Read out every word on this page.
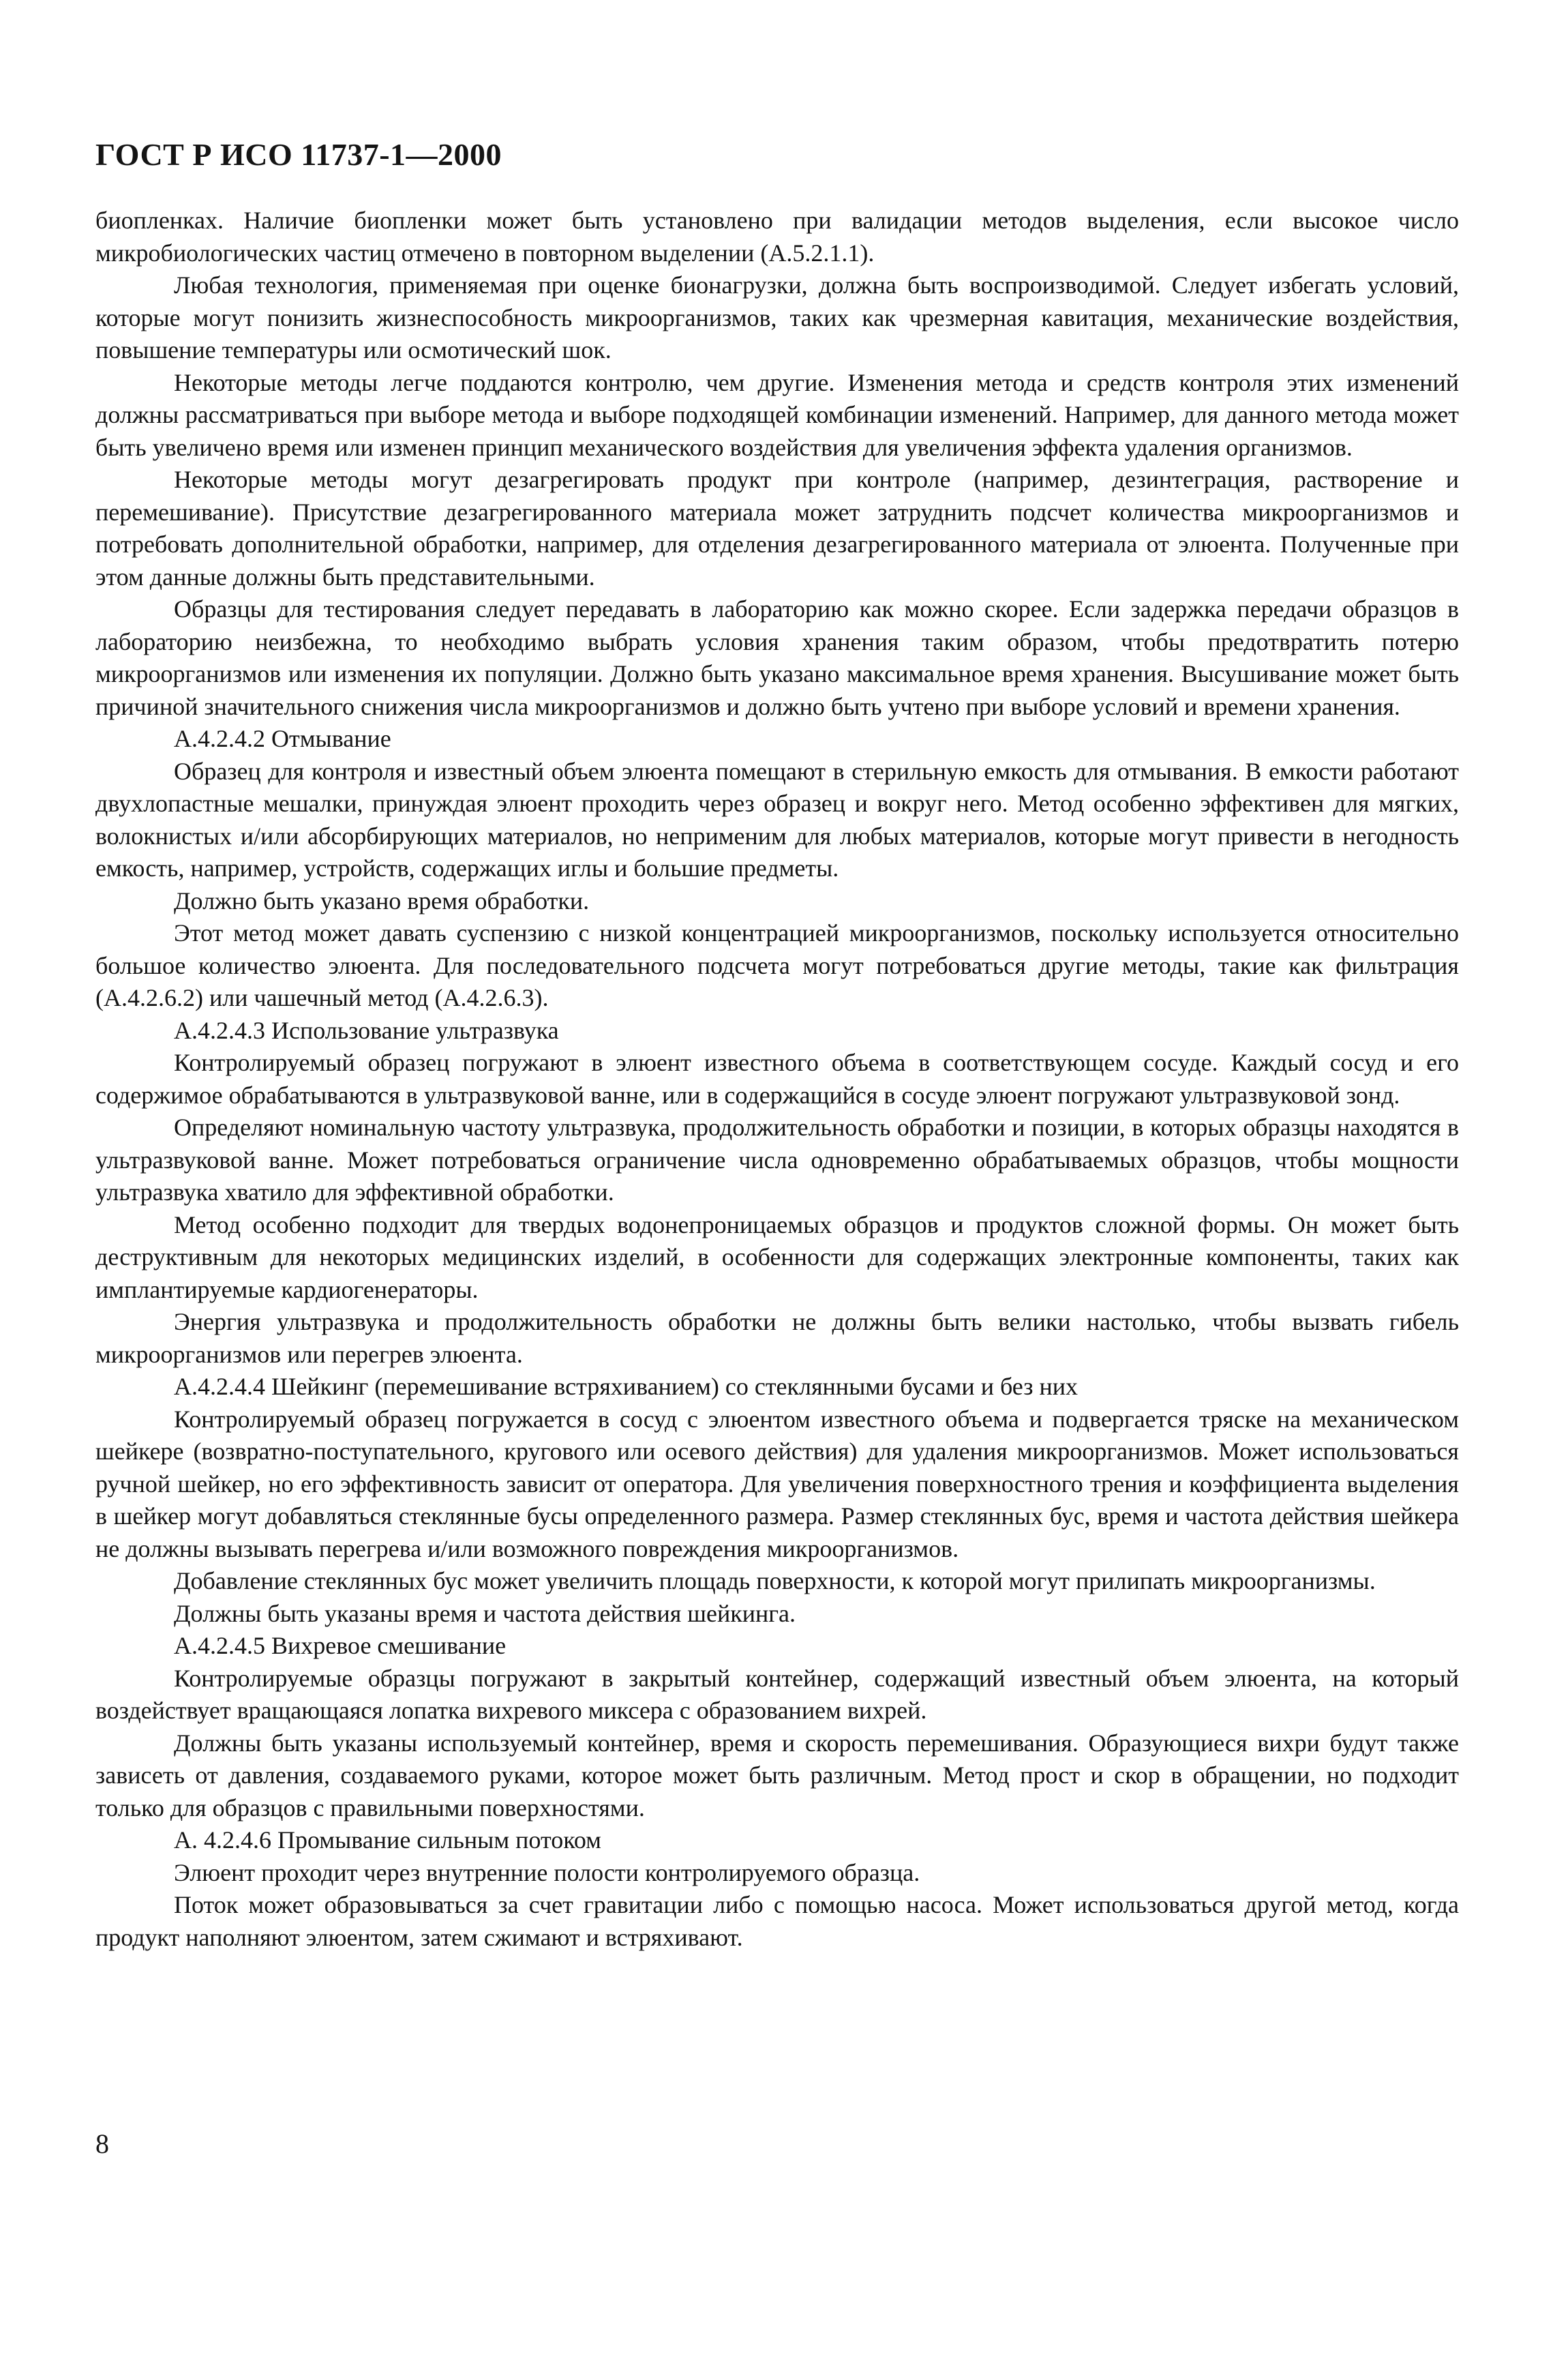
ГОСТ Р ИСО 11737-1—2000

биопленках. Наличие биопленки может быть установлено при валидации методов выделения, если высокое число микробиологических частиц отмечено в повторном выделении (А.5.2.1.1).

Любая технология, применяемая при оценке бионагрузки, должна быть воспроизводимой. Следует избегать условий, которые могут понизить жизнеспособность микроорганизмов, таких как чрезмерная кавитация, механические воздействия, повышение температуры или осмотический шок.

Некоторые методы легче поддаются контролю, чем другие. Изменения метода и средств контроля этих изменений должны рассматриваться при выборе метода и выборе подходящей комбинации изменений. Например, для данного метода может быть увеличено время или изменен принцип механического воздействия для увеличения эффекта удаления организмов.

Некоторые методы могут дезагрегировать продукт при контроле (например, дезинтеграция, растворение и перемешивание). Присутствие дезагрегированного материала может затруднить подсчет количества микроорганизмов и потребовать дополнительной обработки, например, для отделения дезагрегированного материала от элюента. Полученные при этом данные должны быть представительными.

Образцы для тестирования следует передавать в лабораторию как можно скорее. Если задержка передачи образцов в лабораторию неизбежна, то необходимо выбрать условия хранения таким образом, чтобы предотвратить потерю микроорганизмов или изменения их популяции. Должно быть указано максимальное время хранения. Высушивание может быть причиной значительного снижения числа микроорганизмов и должно быть учтено при выборе условий и времени хранения.

А.4.2.4.2 Отмывание

Образец для контроля и известный объем элюента помещают в стерильную емкость для отмывания. В емкости работают двухлопастные мешалки, принуждая элюент проходить через образец и вокруг него. Метод особенно эффективен для мягких, волокнистых и/или абсорбирующих материалов, но неприменим для любых материалов, которые могут привести в негодность емкость, например, устройств, содержащих иглы и большие предметы.

Должно быть указано время обработки.

Этот метод может давать суспензию с низкой концентрацией микроорганизмов, поскольку используется относительно большое количество элюента. Для последовательного подсчета могут потребоваться другие методы, такие как фильтрация (А.4.2.6.2) или чашечный метод (А.4.2.6.3).

А.4.2.4.3 Использование ультразвука

Контролируемый образец погружают в элюент известного объема в соответствующем сосуде. Каждый сосуд и его содержимое обрабатываются в ультразвуковой ванне, или в содержащийся в сосуде элюент погружают ультразвуковой зонд.

Определяют номинальную частоту ультразвука, продолжительность обработки и позиции, в которых образцы находятся в ультразвуковой ванне. Может потребоваться ограничение числа одновременно обрабатываемых образцов, чтобы мощности ультразвука хватило для эффективной обработки.

Метод особенно подходит для твердых водонепроницаемых образцов и продуктов сложной формы. Он может быть деструктивным для некоторых медицинских изделий, в особенности для содержащих электронные компоненты, таких как имплантируемые кардиогенераторы.

Энергия ультразвука и продолжительность обработки не должны быть велики настолько, чтобы вызвать гибель микроорганизмов или перегрев элюента.

А.4.2.4.4 Шейкинг (перемешивание встряхиванием) со стеклянными бусами и без них

Контролируемый образец погружается в сосуд с элюентом известного объема и подвергается тряске на механическом шейкере (возвратно-поступательного, кругового или осевого действия) для удаления микроорганизмов. Может использоваться ручной шейкер, но его эффективность зависит от оператора. Для увеличения поверхностного трения и коэффициента выделения в шейкер могут добавляться стеклянные бусы определенного размера. Размер стеклянных бус, время и частота действия шейкера не должны вызывать перегрева и/или возможного повреждения микроорганизмов.

Добавление стеклянных бус может увеличить площадь поверхности, к которой могут прилипать микроорганизмы.

Должны быть указаны время и частота действия шейкинга.

А.4.2.4.5 Вихревое смешивание

Контролируемые образцы погружают в закрытый контейнер, содержащий известный объем элюента, на который воздействует вращающаяся лопатка вихревого миксера с образованием вихрей.

Должны быть указаны используемый контейнер, время и скорость перемешивания. Образующиеся вихри будут также зависеть от давления, создаваемого руками, которое может быть различным. Метод прост и скор в обращении, но подходит только для образцов с правильными поверхностями.

А. 4.2.4.6 Промывание сильным потоком

Элюент проходит через внутренние полости контролируемого образца.

Поток может образовываться за счет гравитации либо с помощью насоса. Может использоваться другой метод, когда продукт наполняют элюентом, затем сжимают и встряхивают.

8
